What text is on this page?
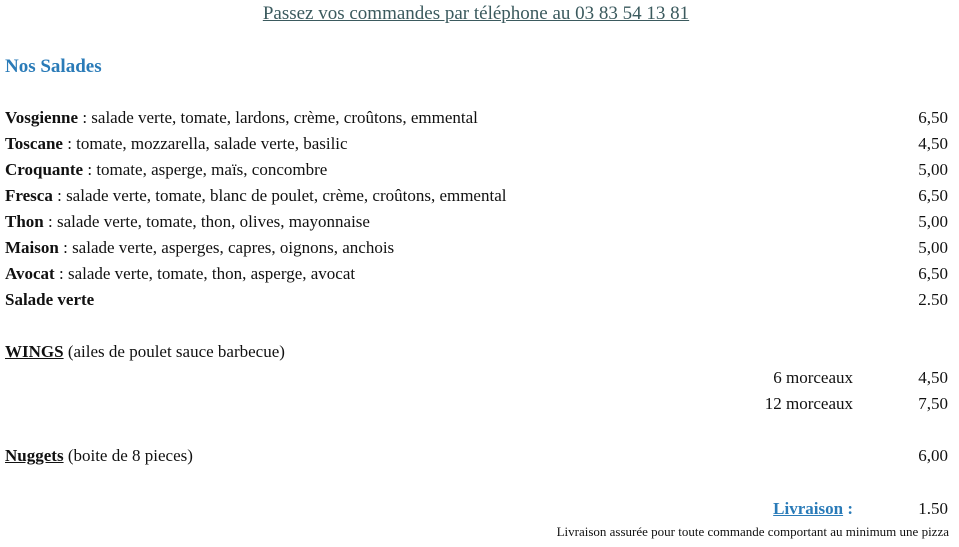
Passez vos commandes par téléphone au 03 83 54 13 81
Nos Salades
Vosgienne : salade verte, tomate, lardons, crème, croûtons, emmental	6,50
Toscane : tomate, mozzarella, salade verte, basilic	4,50
Croquante : tomate, asperge, maïs, concombre	5,00
Fresca : salade verte, tomate, blanc de poulet, crème, croûtons, emmental	6,50
Thon : salade verte, tomate, thon, olives, mayonnaise	5,00
Maison : salade verte, asperges, capres, oignons, anchois	5,00
Avocat : salade verte, tomate, thon, asperge, avocat	6,50
Salade verte	2.50
WINGS (ailes de poulet sauce barbecue)
6 morceaux	4,50
12 morceaux	7,50
Nuggets (boite de 8 pieces)	6,00
Livraison :	1.50
Livraison assurée pour toute commande comportant au minimum une pizza
